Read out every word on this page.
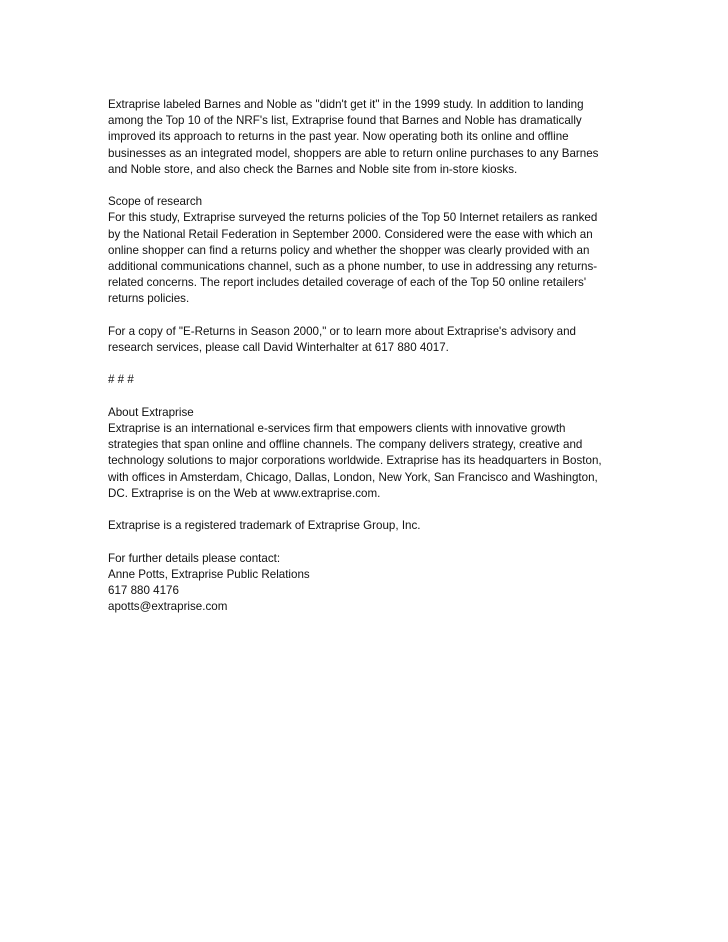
Extraprise labeled Barnes and Noble as "didn't get it" in the 1999 study. In addition to landing
among the Top 10 of the NRF's list, Extraprise found that Barnes and Noble has dramatically
improved its approach to returns in the past year. Now operating both its online and offline
businesses as an integrated model, shoppers are able to return online purchases to any Barnes
and Noble store, and also check the Barnes and Noble site from in-store kiosks.

Scope of research
For this study, Extraprise surveyed the returns policies of the Top 50 Internet retailers as ranked
by the National Retail Federation in September 2000. Considered were the ease with which an
online shopper can find a returns policy and whether the shopper was clearly provided with an
additional communications channel, such as a phone number, to use in addressing any returns-
related concerns. The report includes detailed coverage of each of the Top 50 online retailers'
returns policies.

For a copy of "E-Returns in Season 2000," or to learn more about Extraprise's advisory and
research services, please call David Winterhalter at 617 880 4017.

# # #

About Extraprise
Extraprise is an international e-services firm that empowers clients with innovative growth
strategies that span online and offline channels. The company delivers strategy, creative and
technology solutions to major corporations worldwide. Extraprise has its headquarters in Boston,
with offices in Amsterdam, Chicago, Dallas, London, New York, San Francisco and Washington,
DC. Extraprise is on the Web at www.extraprise.com.

Extraprise is a registered trademark of Extraprise Group, Inc.

For further details please contact:
Anne Potts, Extraprise Public Relations
617 880 4176
apotts@extraprise.com
